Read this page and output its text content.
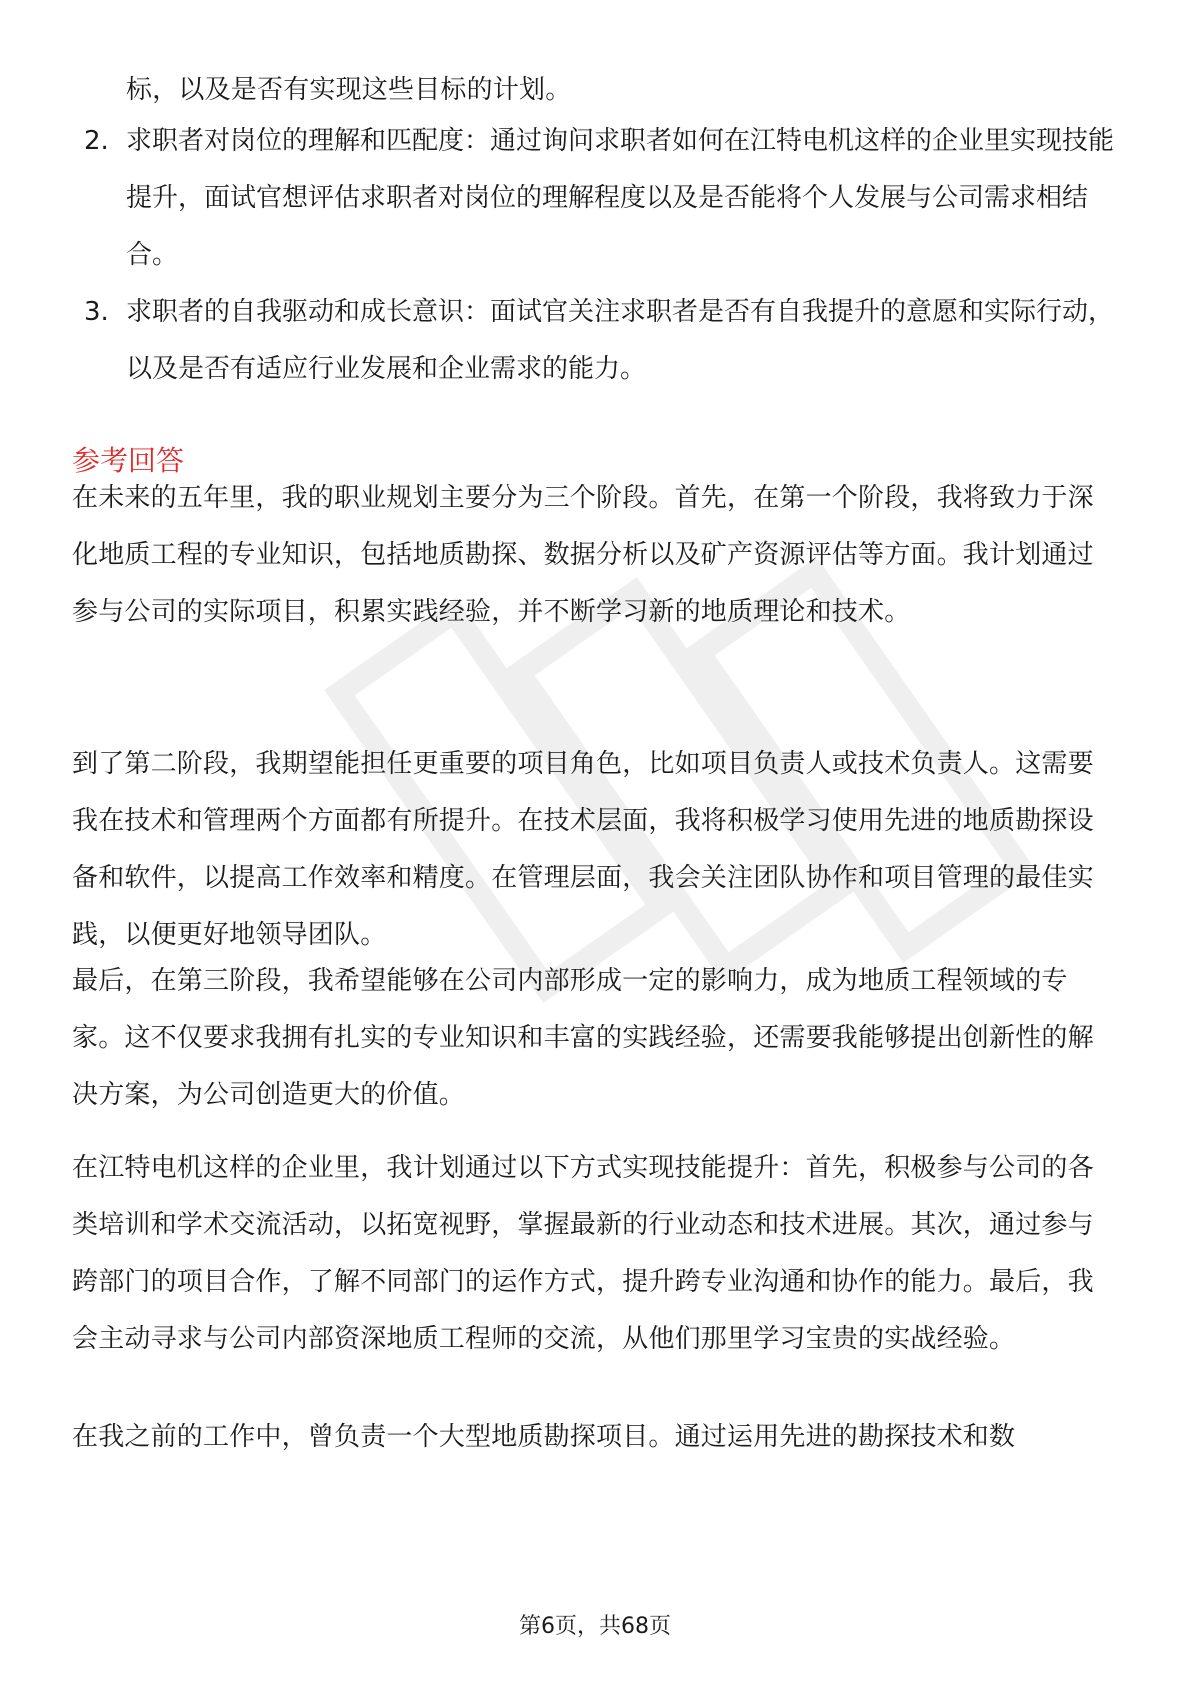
标，以及是否有实现这些目标的计划。
2. 求职者对岗位的理解和匹配度：通过询问求职者如何在江特电机这样的企业里实现技能提升，面试官想评估求职者对岗位的理解程度以及是否能将个人发展与公司需求相结合。
3. 求职者的自我驱动和成长意识：面试官关注求职者是否有自我提升的意愿和实际行动，以及是否有适应行业发展和企业需求的能力。
参考回答
在未来的五年里，我的职业规划主要分为三个阶段。首先，在第一个阶段，我将致力于深化地质工程的专业知识，包括地质勘探、数据分析以及矿产资源评估等方面。我计划通过参与公司的实际项目，积累实践经验，并不断学习新的地质理论和技术。
到了第二阶段，我期望能担任更重要的项目角色，比如项目负责人或技术负责人。这需要我在技术和管理两个方面都有所提升。在技术层面，我将积极学习使用先进的地质勘探设备和软件，以提高工作效率和精度。在管理层面，我会关注团队协作和项目管理的最佳实践，以便更好地领导团队。
最后，在第三阶段，我希望能够在公司内部形成一定的影响力，成为地质工程领域的专家。这不仅要求我拥有扎实的专业知识和丰富的实践经验，还需要我能够提出创新性的解决方案，为公司创造更大的价值。
在江特电机这样的企业里，我计划通过以下方式实现技能提升：首先，积极参与公司的各类培训和学术交流活动，以拓宽视野，掌握最新的行业动态和技术进展。其次，通过参与跨部门的项目合作，了解不同部门的运作方式，提升跨专业沟通和协作的能力。最后，我会主动寻求与公司内部资深地质工程师的交流，从他们那里学习宝贵的实战经验。
在我之前的工作中，曾负责一个大型地质勘探项目。通过运用先进的勘探技术和数
第6页，共68页
